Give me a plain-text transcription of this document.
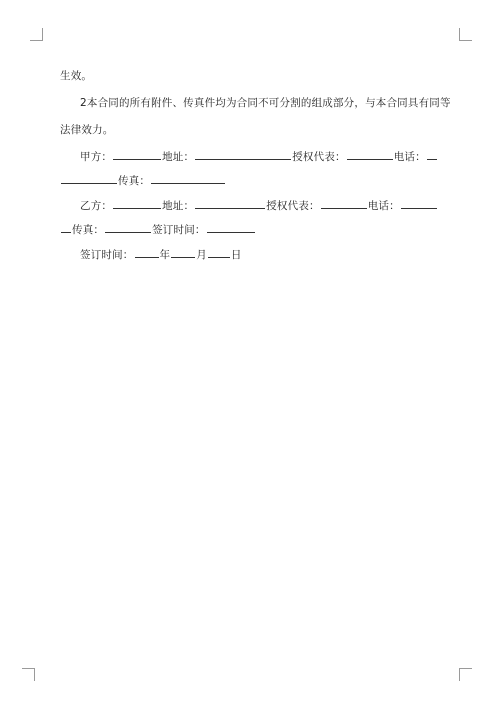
生效。
2本合同的所有附件、传真件均为合同不可分割的组成部分，与本合同具有同等
法律效力。
甲方：	地址：	授权代表：	电话：
传真：
乙方：	地址：	授权代表：	电话：
传真：	签订时间：
签订时间： 年 月 日
